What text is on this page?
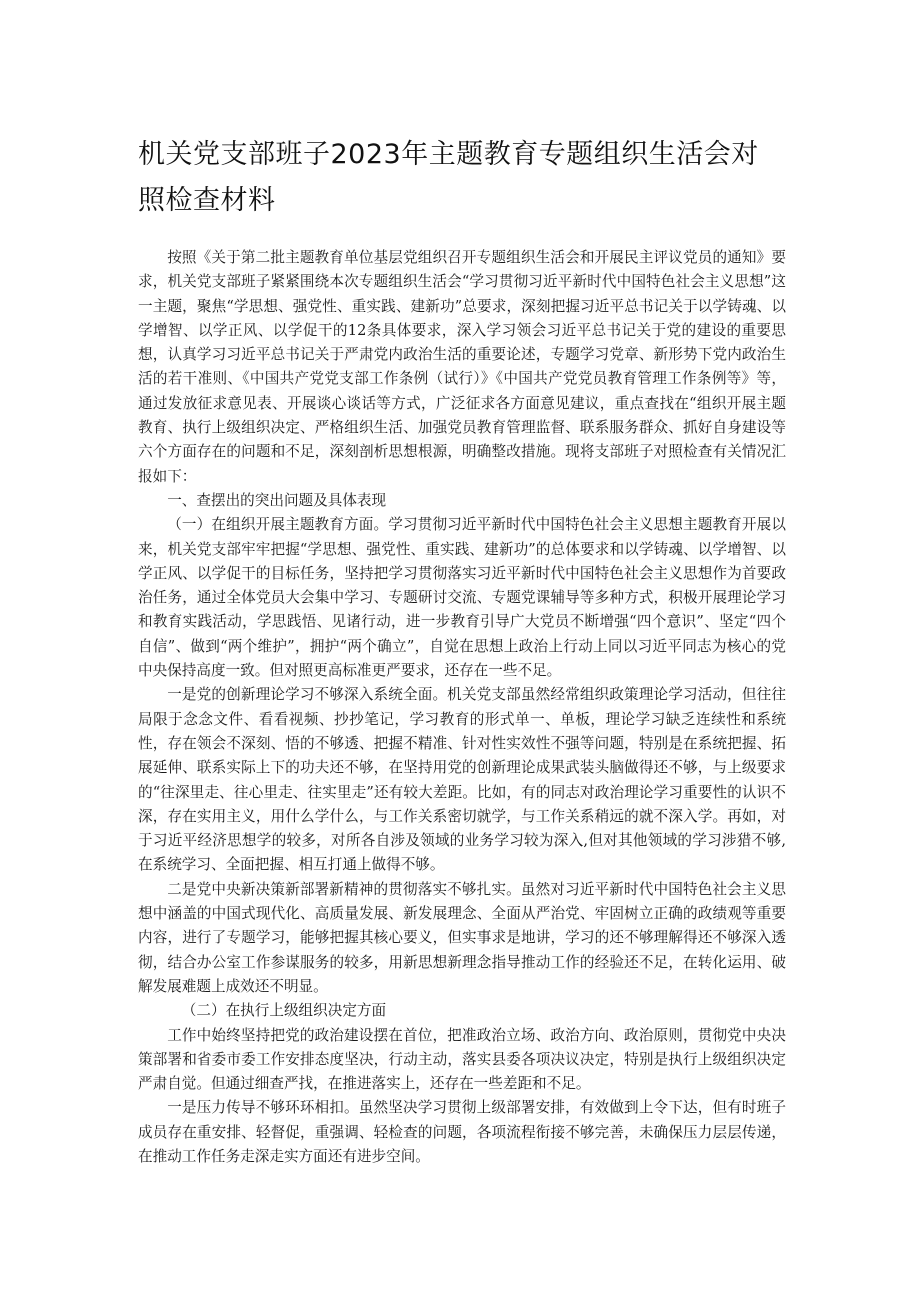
机关党支部班子2023年主题教育专题组织生活会对照检查材料

按照《关于第二批主题教育单位基层党组织召开专题组织生活会和开展民主评议党员的通知》要求，机关党支部班子紧紧围绕本次专题组织生活会“学习贯彻习近平新时代中国特色社会主义思想”这一主题，聚焦“学思想、强党性、重实践、建新功”总要求，深刻把握习近平总书记关于以学铸魂、以学增智、以学正风、以学促干的12条具体要求，深入学习领会习近平总书记关于党的建设的重要思想，认真学习习近平总书记关于严肃党内政治生活的重要论述，专题学习党章、新形势下党内政治生活的若干准则、《中国共产党党支部工作条例（试行）》《中国共产党党员教育管理工作条例等》等，通过发放征求意见表、开展谈心谈话等方式，广泛征求各方面意见建议，重点查找在“组织开展主题教育、执行上级组织决定、严格组织生活、加强党员教育管理监督、联系服务群众、抓好自身建设等六个方面存在的问题和不足，深刻剖析思想根源，明确整改措施。现将支部班子对照检查有关情况汇报如下：

一、查摆出的突出问题及具体表现

（一）在组织开展主题教育方面。学习贯彻习近平新时代中国特色社会主义思想主题教育开展以来，机关党支部牢牢把握“学思想、强党性、重实践、建新功”的总体要求和以学铸魂、以学增智、以学正风、以学促干的目标任务，坚持把学习贯彻落实习近平新时代中国特色社会主义思想作为首要政治任务，通过全体党员大会集中学习、专题研讨交流、专题党课辅导等多种方式，积极开展理论学习和教育实践活动，学思践悟、见诸行动，进一步教育引导广大党员不断增强“四个意识”、坚定“四个自信”、做到“两个维护”，拥护“两个确立”，自觉在思想上政治上行动上同以习近平同志为核心的党中央保持高度一致。但对照更高标准更严要求，还存在一些不足。

一是党的创新理论学习不够深入系统全面。机关党支部虽然经常组织政策理论学习活动，但往往局限于念念文件、看看视频、抄抄笔记，学习教育的形式单一、单板，理论学习缺乏连续性和系统性，存在领会不深刻、悟的不够透、把握不精准、针对性实效性不强等问题，特别是在系统把握、拓展延伸、联系实际上下的功夫还不够，在坚持用党的创新理论成果武装头脑做得还不够，与上级要求的“往深里走、往心里走、往实里走”还有较大差距。比如，有的同志对政治理论学习重要性的认识不深，存在实用主义，用什么学什么，与工作关系密切就学，与工作关系稍远的就不深入学。再如，对于习近平经济思想学的较多，对所各自涉及领域的业务学习较为深入,但对其他领域的学习涉猎不够,在系统学习、全面把握、相互打通上做得不够。

二是党中央新决策新部署新精神的贯彻落实不够扎实。虽然对习近平新时代中国特色社会主义思想中涵盖的中国式现代化、高质量发展、新发展理念、全面从严治党、牢固树立正确的政绩观等重要内容，进行了专题学习，能够把握其核心要义，但实事求是地讲，学习的还不够理解得还不够深入透彻，结合办公室工作参谋服务的较多，用新思想新理念指导推动工作的经验还不足，在转化运用、破解发展难题上成效还不明显。

（二）在执行上级组织决定方面

工作中始终坚持把党的政治建设摆在首位，把准政治立场、政治方向、政治原则，贯彻党中央决策部署和省委市委工作安排态度坚决，行动主动，落实县委各项决议决定，特别是执行上级组织决定严肃自觉。但通过细查严找，在推进落实上，还存在一些差距和不足。

一是压力传导不够环环相扣。虽然坚决学习贯彻上级部署安排，有效做到上令下达，但有时班子成员存在重安排、轻督促，重强调、轻检查的问题，各项流程衔接不够完善，未确保压力层层传递，在推动工作任务走深走实方面还有进步空间。
